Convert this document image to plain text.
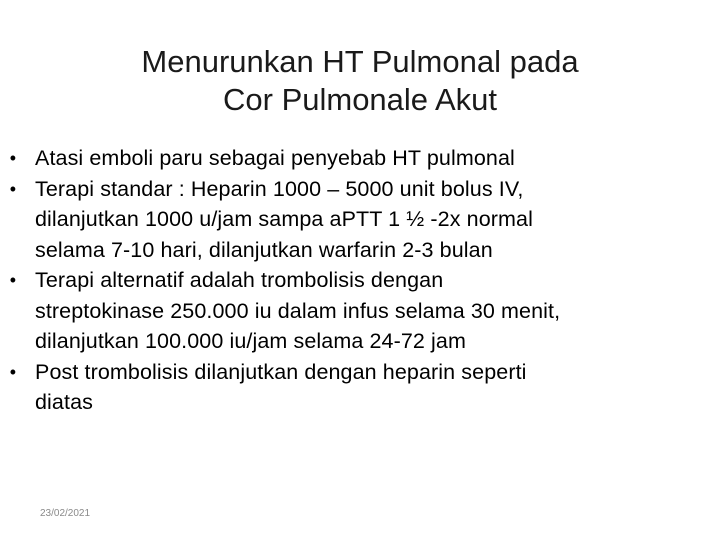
Menurunkan HT Pulmonal pada
Cor Pulmonale Akut
• Atasi emboli paru sebagai penyebab HT pulmonal
• Terapi standar : Heparin 1000 – 5000 unit bolus IV,
dilanjutkan 1000 u/jam sampa aPTT 1 ½ -2x normal
selama 7-10 hari, dilanjutkan warfarin 2-3 bulan
• Terapi alternatif adalah trombolisis dengan
streptokinase 250.000 iu dalam infus selama 30 menit,
dilanjutkan 100.000 iu/jam selama 24-72 jam
• Post trombolisis dilanjutkan dengan heparin seperti
diatas
23/02/2021
